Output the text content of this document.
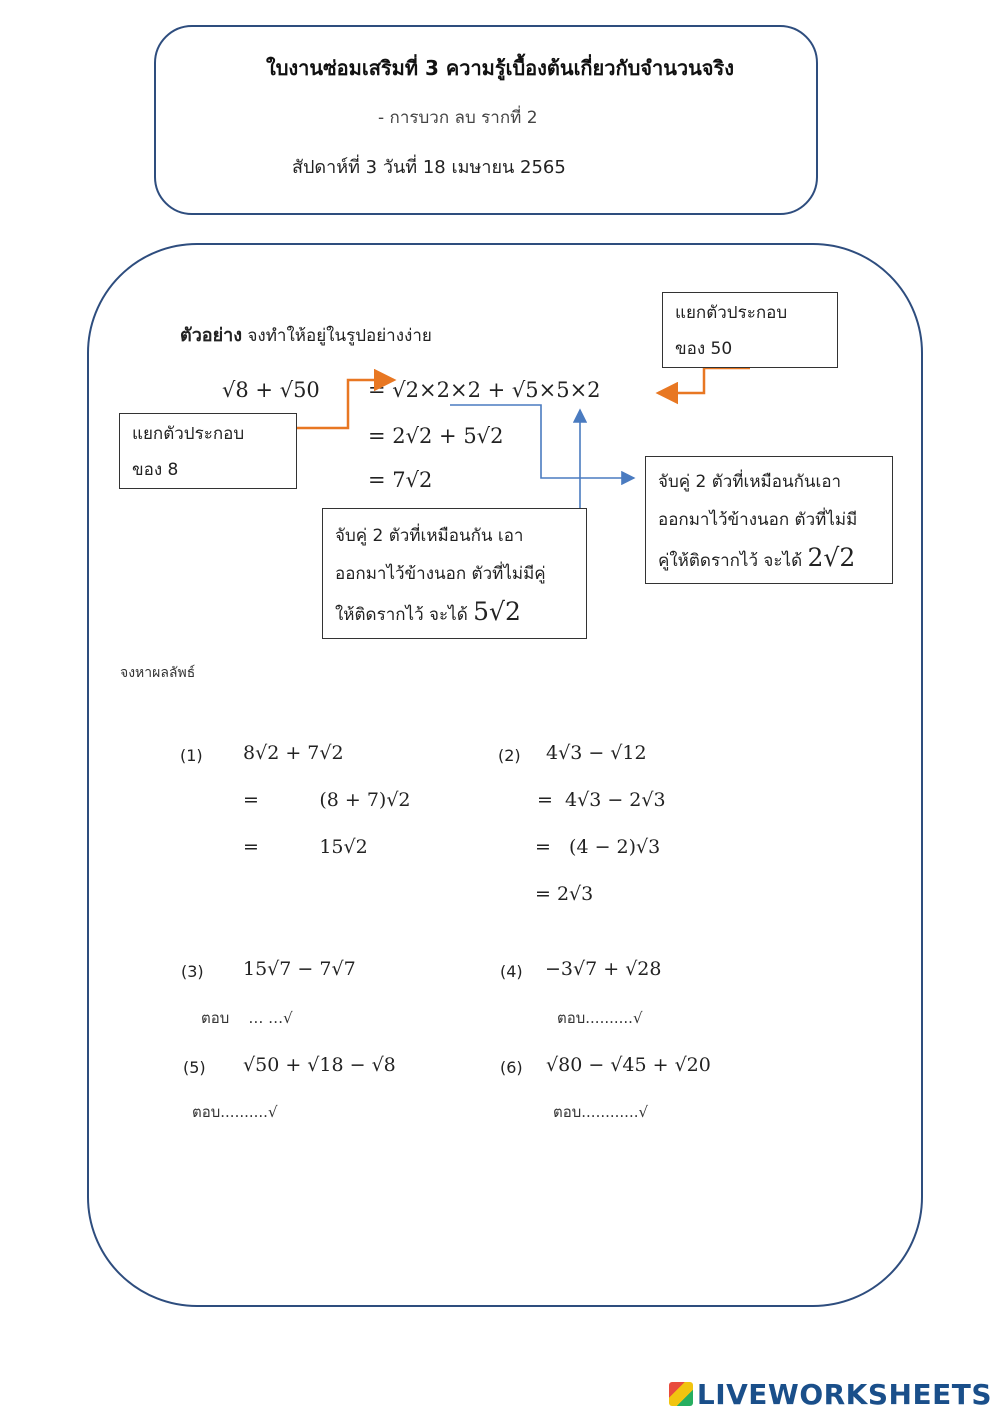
ใบงานซ่อมเสริมที่ 3 ความรู้เบื้องต้นเกี่ยวกับจำนวนจริง
- การบวก ลบ รากที่ 2
สัปดาห์ที่ 3 วันที่ 18 เมษายน 2565
ตัวอย่าง จงทำให้อยู่ในรูปอย่างง่าย
√8 + √50 = √2×2×2 + √5×5×2
= 2√2 + 5√2
= 7√2
แยกตัวประกอบ
ของ 50
แยกตัวประกอบ
ของ 8
จับคู่ 2 ตัวที่เหมือนกัน เอา
ออกมาไว้ข้างนอก ตัวที่ไม่มีคู่
ให้ติดรากไว้ จะได้ 5√2
จับคู่ 2 ตัวที่เหมือนกันเอา
ออกมาไว้ข้างนอก ตัวที่ไม่มี
คู่ให้ติดรากไว้ จะได้ 2√2
จงหาผลลัพธ์
(1) 8√2 + 7√2
=          (8 + 7)√2
=          15√2
(2) 4√3 − √12
=  4√3 − 2√3
=   (4 − 2)√3
= 2√3
(3) 15√7 − 7√7
ตอบ    … …√
(4) −3√7 + √28
ตอบ..........√
(5) √50 + √18 − √8
ตอบ..........√
(6) √80 − √45 + √20
ตอบ............√
LIVEWORKSHEETS
